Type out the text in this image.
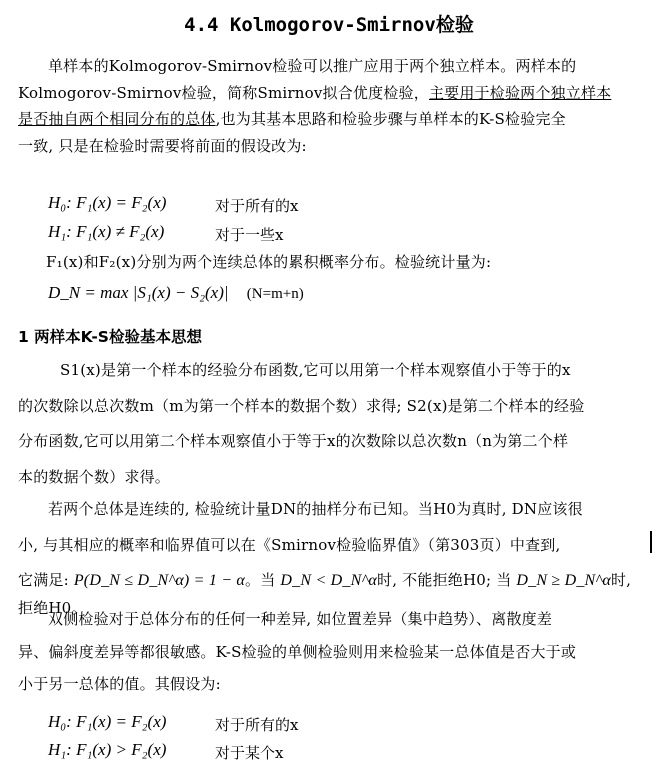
4.4 Kolmogorov-Smirnov检验
单样本的Kolmogorov-Smirnov检验可以推广应用于两个独立样本。两样本的
Kolmogorov-Smirnov检验，简称Smirnov拟合优度检验，主要用于检验两个独立样本
是否抽自两个相同分布的总体,也为其基本思路和检验步骤与单样本的K-S检验完全
一致, 只是在检验时需要将前面的假设改为:
H₀: F₁(x) = F₂(x)	对于所有的x
H₁: F₁(x) ≠ F₂(x)	对于一些x
F₁(x)和F₂(x)分别为两个连续总体的累积概率分布。检验统计量为:
D_N = max |S₁(x) − S₂(x)| (N=m+n)
1 两样本K-S检验基本思想
S1(x)是第一个样本的经验分布函数,它可以用第一个样本观察值小于等于的x
的次数除以总次数m（m为第一个样本的数据个数）求得; S2(x)是第二个样本的经验
分布函数,它可以用第二个样本观察值小于等于x的次数除以总次数n（n为第二个样
本的数据个数）求得。
若两个总体是连续的, 检验统计量DN的抽样分布已知。当H0为真时, DN应该很
小, 与其相应的概率和临界值可以在《Smirnov检验临界值》（第303页）中查到,
它满足: P(D_N ≤ D_N^α) = 1 − α。当 D_N < D_N^α时, 不能拒绝H0; 当 D_N ≥ D_N^α时, 拒绝H0。
双侧检验对于总体分布的任何一种差异, 如位置差异（集中趋势）、离散度差
异、偏斜度差异等都很敏感。K-S检验的单侧检验则用来检验某一总体值是否大于或
小于另一总体的值。其假设为:
H₀: F₁(x) = F₂(x)	对于所有的x
H₁: F₁(x) > F₂(x)	对于某个x
